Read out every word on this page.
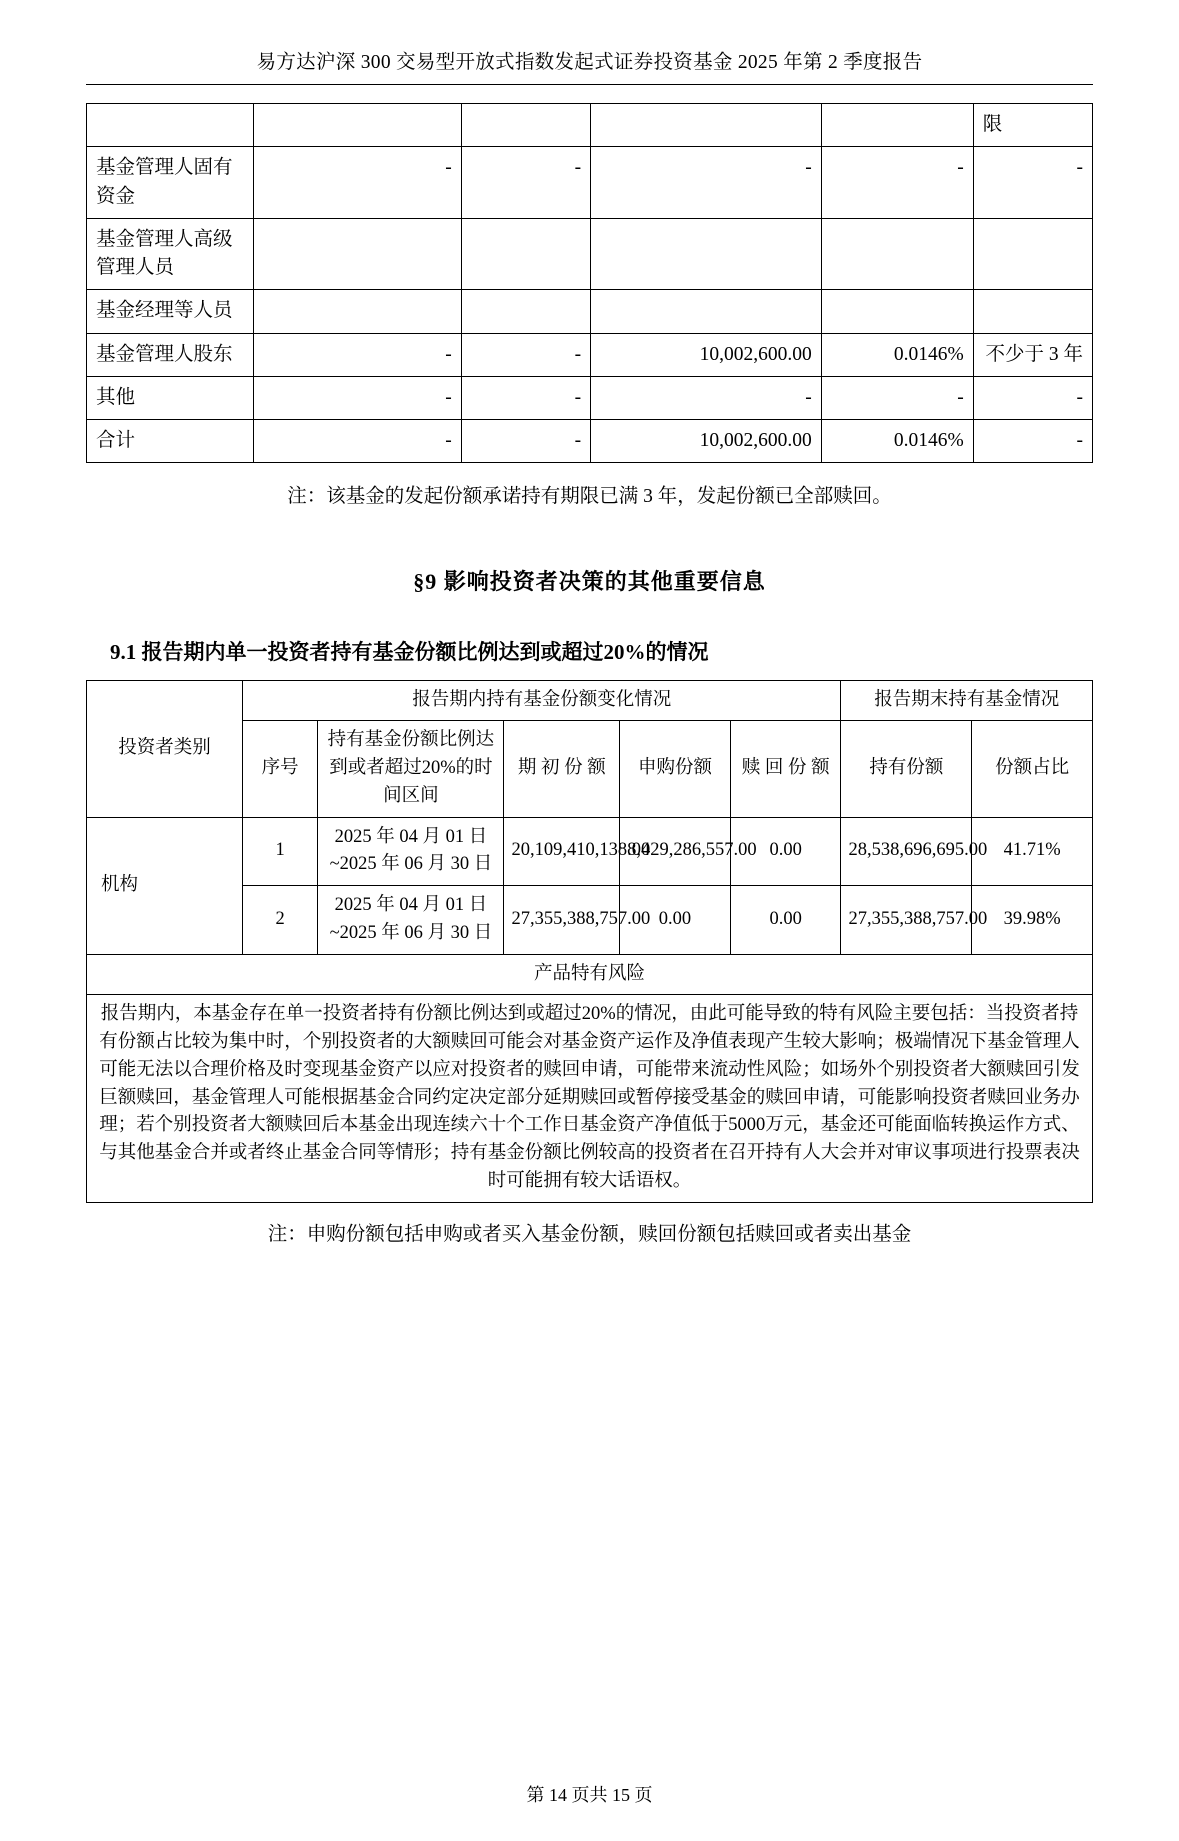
易方达沪深 300 交易型开放式指数发起式证券投资基金 2025 年第 2 季度报告
					限
基金管理人固有资金	-	-	-	-	-
基金管理人高级管理人员					
基金经理等人员					
基金管理人股东	-	-	10,002,600.00	0.0146%	不少于 3 年
其他	-	-	-	-	-
合计	-	-	10,002,600.00	0.0146%	-
注：该基金的发起份额承诺持有期限已满 3 年，发起份额已全部赎回。
§9 影响投资者决策的其他重要信息
9.1 报告期内单一投资者持有基金份额比例达到或超过20%的情况
投资者类别	报告期内持有基金份额变化情况					报告期末持有基金情况	
	序号	持有基金份额比例达到或者超过20%的时间区间	期 初 份 额	申购份额	赎 回 份 额	持有份额	份额占比
机构	1	2025 年 04 月 01 日~2025 年 06 月 30 日	20,109,410,138.00	8,429,286,557.00	0.00	28,538,696,695.00	41.71%
	2	2025 年 04 月 01 日~2025 年 06 月 30 日	27,355,388,757.00	0.00	0.00	27,355,388,757.00	39.98%
产品特有风险							

报告期内，本基金存在单一投资者持有份额比例达到或超过20%的情况，由此可能导致的特有风险主要包括：当投资者持有份额占比较为集中时，个别投资者的大额赎回可能会对基金资产运作及净值表现产生较大影响；极端情况下基金管理人可能无法以合理价格及时变现基金资产以应对投资者的赎回申请，可能带来流动性风险；如场外个别投资者大额赎回引发巨额赎回，基金管理人可能根据基金合同约定决定部分延期赎回或暂停接受基金的赎回申请，可能影响投资者赎回业务办理；若个别投资者大额赎回后本基金出现连续六十个工作日基金资产净值低于5000万元，基金还可能面临转换运作方式、与其他基金合并或者终止基金合同等情形；持有基金份额比例较高的投资者在召开持有人大会并对审议事项进行投票表决时可能拥有较大话语权。							

注：申购份额包括申购或者买入基金份额，赎回份额包括赎回或者卖出基金
第 14 页共 15 页
